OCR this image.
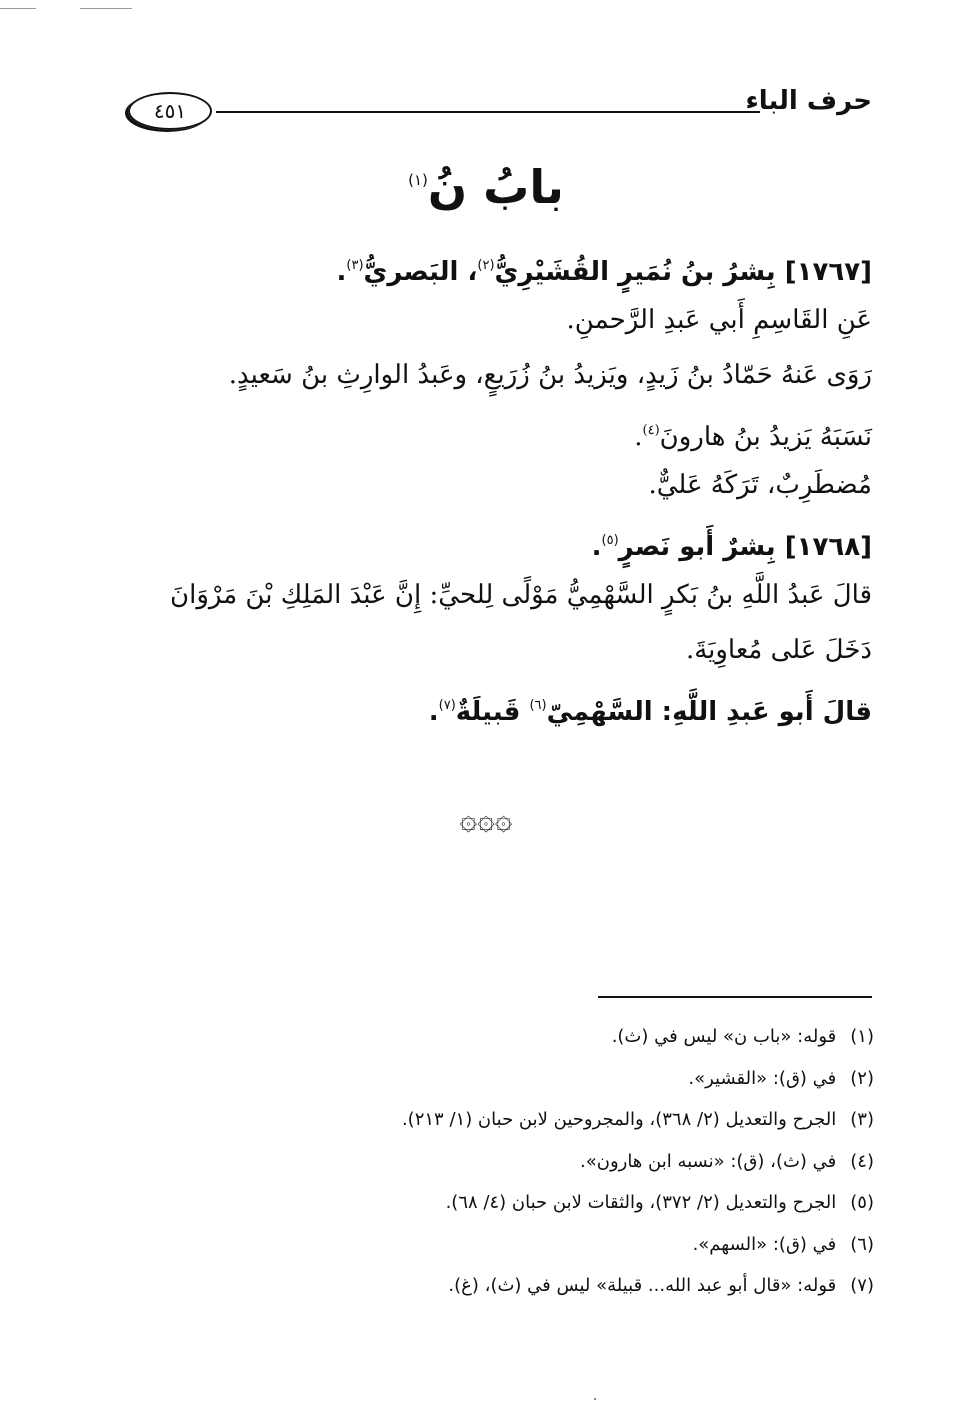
٤٥١	حرف الباء
بابُ نُ$^{(١)}$
[١٧٦٧] بِشرُ بنُ نُمَيرٍ القُشَيْرِيُّ$^{(٢)}$، البَصريُّ$^{(٣)}$.
عَنِ القَاسِمِ أَبي عَبدِ الرَّحمنِ.
رَوَى عَنهُ حَمّادُ بنُ زَيدٍ، ويَزيدُ بنُ زُرَيعٍ، وعَبدُ الوارِثِ بنُ سَعيدٍ.
نَسَبَهُ يَزيدُ بنُ هارونَ$^{(٤)}$.
مُضطَرِبٌ، تَرَكَهُ عَليٌّ.
[١٧٦٨] بِشرٌ أَبو نَصرٍ$^{(٥)}$.
قالَ عَبدُ اللَّهِ بنُ بَكرٍ السَّهْمِيُّ مَوْلًى لِلحيِّ: إِنَّ عَبْدَ المَلِكِ بْنَ مَرْوَانَ
دَخَلَ عَلى مُعاوِيَةَ.
قالَ أَبو عَبدِ اللَّهِ: السَّهْمِيّ$^{(٦)}$ قَبيلَةٌ$^{(٧)}$.
۞۞۞
(١)قوله: «باب ن» ليس في (ث).
(٢)في (ق): «القشير».
(٣)الجرح والتعديل (٢/ ٣٦٨)، والمجروحين لابن حبان (١/ ٢١٣).
(٤)في (ث)، (ق): «نسبه ابن هارون».
(٥)الجرح والتعديل (٢/ ٣٧٢)، والثقات لابن حبان (٤/ ٦٨).
(٦)في (ق): «السهم».
(٧)قوله: «قال أبو عبد الله... قبيلة» ليس في (ث)، (غ).
